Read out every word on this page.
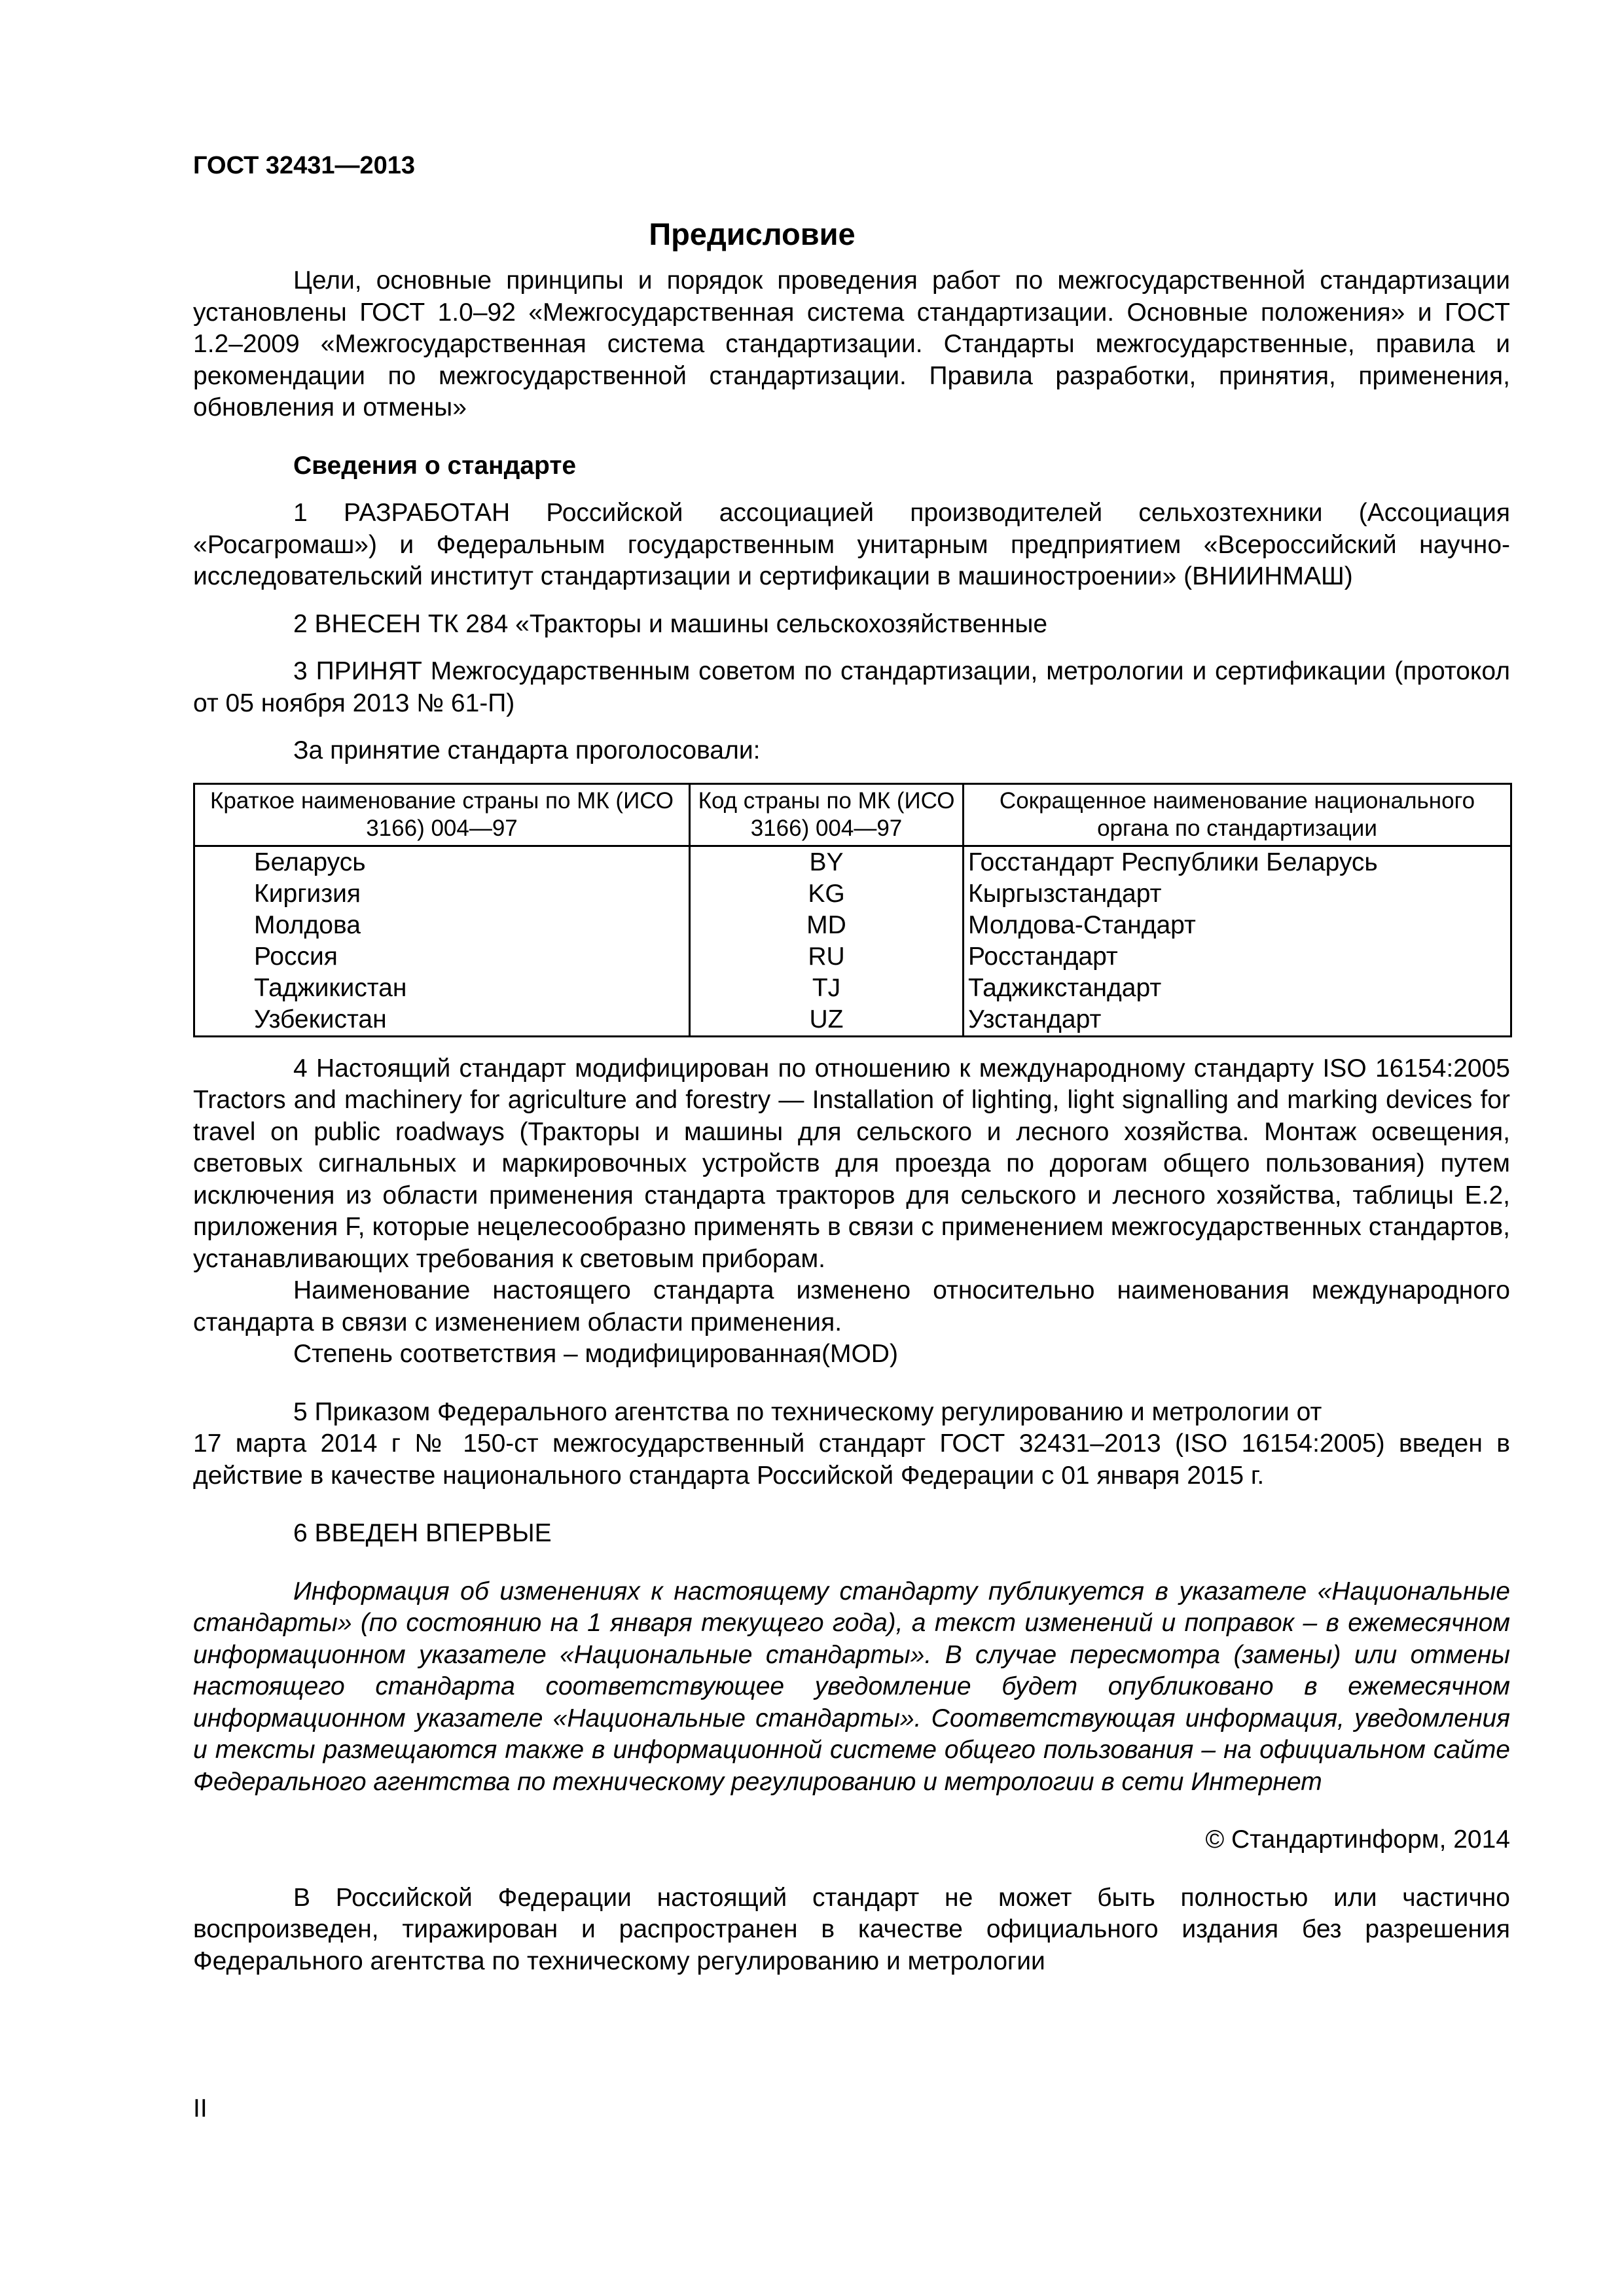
ГОСТ 32431—2013

Предисловие

Цели, основные принципы и порядок проведения работ по межгосударственной стандартизации установлены ГОСТ 1.0–92 «Межгосударственная система стандартизации. Основные положения» и ГОСТ 1.2–2009 «Межгосударственная система стандартизации. Стандарты межгосударственные, правила и рекомендации по межгосударственной стандартизации. Правила разработки, принятия, применения, обновления и отмены»

Сведения о стандарте

1 РАЗРАБОТАН Российской ассоциацией производителей сельхозтехники (Ассоциация «Росагромаш») и Федеральным государственным унитарным предприятием «Всероссийский научно-исследовательский институт стандартизации и сертификации в машиностроении» (ВНИИНМАШ)

2 ВНЕСЕН ТК 284 «Тракторы и машины сельскохозяйственные

3 ПРИНЯТ Межгосударственным советом по стандартизации, метрологии и сертификации (протокол от 05 ноября 2013 № 61-П)

За принятие стандарта проголосовали:

Краткое наименование страны по МК (ИСО 3166) 004—97	Код страны по МК (ИСО 3166) 004—97	Сокращенное наименование национального органа по стандартизации
Беларусь	BY	Госстандарт Республики Беларусь
Киргизия	KG	Кыргызстандарт
Молдова	MD	Молдова-Стандарт
Россия	RU	Росстандарт
Таджикистан	TJ	Таджикстандарт
Узбекистан	UZ	Узстандарт

4 Настоящий стандарт модифицирован по отношению к международному стандарту ISO 16154:2005 Tractors and machinery for agriculture and forestry — Installation of lighting, light signalling and marking devices for travel on public roadways (Тракторы и машины для сельского и лесного хозяйства. Монтаж освещения, световых сигнальных и маркировочных устройств для проезда по дорогам общего пользования) путем исключения из области применения стандарта тракторов для сельского и лесного хозяйства, таблицы Е.2, приложения F, которые нецелесообразно применять в связи с применением межгосударственных стандартов, устанавливающих требования к световым приборам.

Наименование настоящего стандарта изменено относительно наименования международного стандарта в связи с изменением области применения.

Степень соответствия – модифицированная(MOD)

5 Приказом Федерального агентства по техническому регулированию и метрологии от

17 марта 2014 г № 150-ст межгосударственный стандарт ГОСТ 32431–2013 (ISO 16154:2005) введен в действие в качестве национального стандарта Российской Федерации с 01 января 2015 г.

6 ВВЕДЕН ВПЕРВЫЕ

Информация об изменениях к настоящему стандарту публикуется в указателе «Национальные стандарты» (по состоянию на 1 января текущего года), а текст изменений и поправок – в ежемесячном информационном указателе «Национальные стандарты». В случае пересмотра (замены) или отмены настоящего стандарта соответствующее уведомление будет опубликовано в ежемесячном информационном указателе «Национальные стандарты». Соответствующая информация, уведомления и тексты размещаются также в информационной системе общего пользования – на официальном сайте Федерального агентства по техническому регулированию и метрологии в сети Интернет

© Стандартинформ, 2014

В Российской Федерации настоящий стандарт не может быть полностью или частично воспроизведен, тиражирован и распространен в качестве официального издания без разрешения Федерального агентства по техническому регулированию и метрологии

II
